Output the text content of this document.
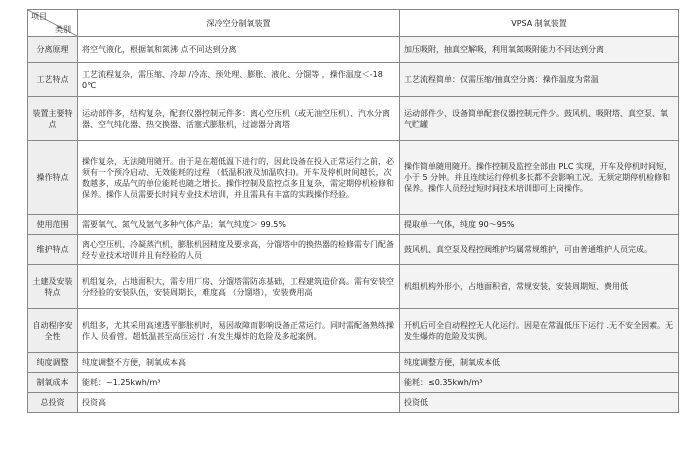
项目
类别	深冷空分制氧装置	VPSA 制氧装置
分离原理	将空气液化，根据氧和氮沸 点不同达到分离	加压吸附，抽真空解吸，利用氧氮吸附能力不同达到分离
工艺特点	工艺流程复杂，需压缩、冷却 /冷冻、预处理、膨胀、液化、分馏等 ，操作温度＜-180℃	工艺流程简单：仅需压缩/抽真空分离：操作温度为常温
装置主要特点	运动部件多，结构复杂，配套仪器控制元件多：离心空压机（或无油空压机）、汽水分离器、空气纯化器、热交换器、活塞式膨胀机，过滤器分离塔	运动部件少、设备简单配套仪器控制元件少。鼓风机、吸附塔、真空泵、氧气贮罐
操作特点	操作复杂，无法随用随开。由于是在超低温下进行的，因此设备在投入正常运行之前，必须有一个预冷启动、无效能耗的过程 （低温积液及加温吹扫)。开车及停机时间越长，次数越多，成品气的单位能耗也随之增长。操作控制及监控点多且复杂，需定期停机检修和保养。操作人员需要长时间专业技术培训，并且需具有丰富的实践操作经验。	操作简单随用随开。操作控制及监控全部由 PLC 实现，开车及停机时间短，小于 5 分钟。并且连续运行停机多长都不会影响工况。无须定期停机检修和保养。操作人员经过短时间技术培训即可上岗操作。
使用范围	需要氧气、氮气及氩气多种气体产品；氧气纯度＞ 99.5%	提取单一气体，纯度 90～95%
维护特点	离心空压机、冷凝蒸汽机、膨胀机因精度及要求高，分馏塔中的换热器的检修需专门配备经专业技术培训并且有经验的人员	鼓风机、真空泵及程控阀维护均属常规维护，可由普通维护人员完成。
土建及安装特点	机组复杂，占地面积大，需专用厂房、分馏塔需防冻基础，工程建筑造价高。需有安装空分经验的安装队伍，安装周期长，难度高 （分馏塔），安装费用高	机组机构外形小，占地面积省，常规安装，安装周期短、费用低
自动程序安全性	机组多，尤其采用高速透平膨胀机时，易因故障而影响设备正常运行。同时需配备熟练操作人 员看管。超低温甚至高压运行 .有发生爆炸的危险及多起案例。	开机后可全自动程控无人化运行。因是在常温低压下运行 .无不安全因素。无发生爆炸的危险及实例。
纯度调整	纯度调整不方便，制氧成本高	纯度调整方便，制氧成本低
制氧成本	能耗：~1.25kwh/m³	能耗：≤0.35kwh/m³
总投资	投资高	投资低
